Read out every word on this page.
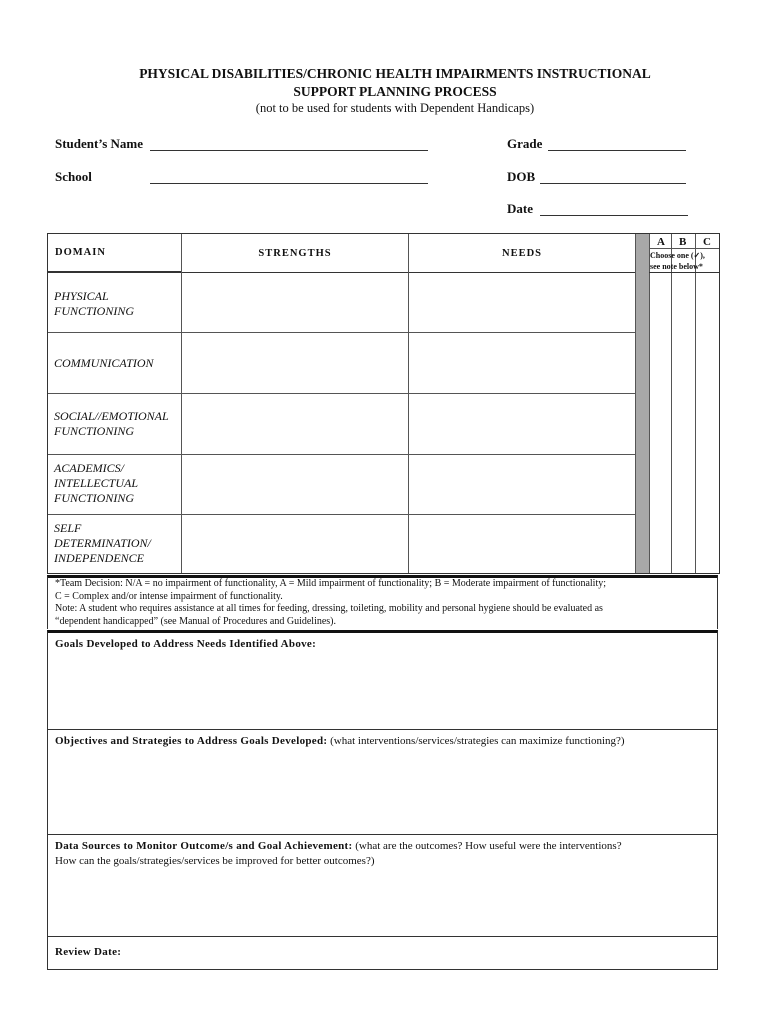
PHYSICAL DISABILITIES/CHRONIC HEALTH IMPAIRMENTS INSTRUCTIONAL
SUPPORT PLANNING PROCESS
(not to be used for students with Dependent Handicaps)
Student’s Name	Grade
School	DOB
Date
DOMAIN	STRENGTHS	NEEDS
A B C
Choose one (✓),
see note below*
PHYSICAL
FUNCTIONING
COMMUNICATION
SOCIAL//EMOTIONAL
FUNCTIONING
ACADEMICS/
INTELLECTUAL
FUNCTIONING
SELF
DETERMINATION/
INDEPENDENCE
*Team Decision: N/A = no impairment of functionality, A = Mild impairment of functionality; B = Moderate impairment of functionality;
C = Complex and/or intense impairment of functionality.
Note: A student who requires assistance at all times for feeding, dressing, toileting, mobility and personal hygiene should be evaluated as
“dependent handicapped” (see Manual of Procedures and Guidelines).
Goals Developed to Address Needs Identified Above:
Objectives and Strategies to Address Goals Developed: (what interventions/services/strategies can maximize functioning?)
Data Sources to Monitor Outcome/s and Goal Achievement: (what are the outcomes? How useful were the interventions?
How can the goals/strategies/services be improved for better outcomes?)
Review Date:
